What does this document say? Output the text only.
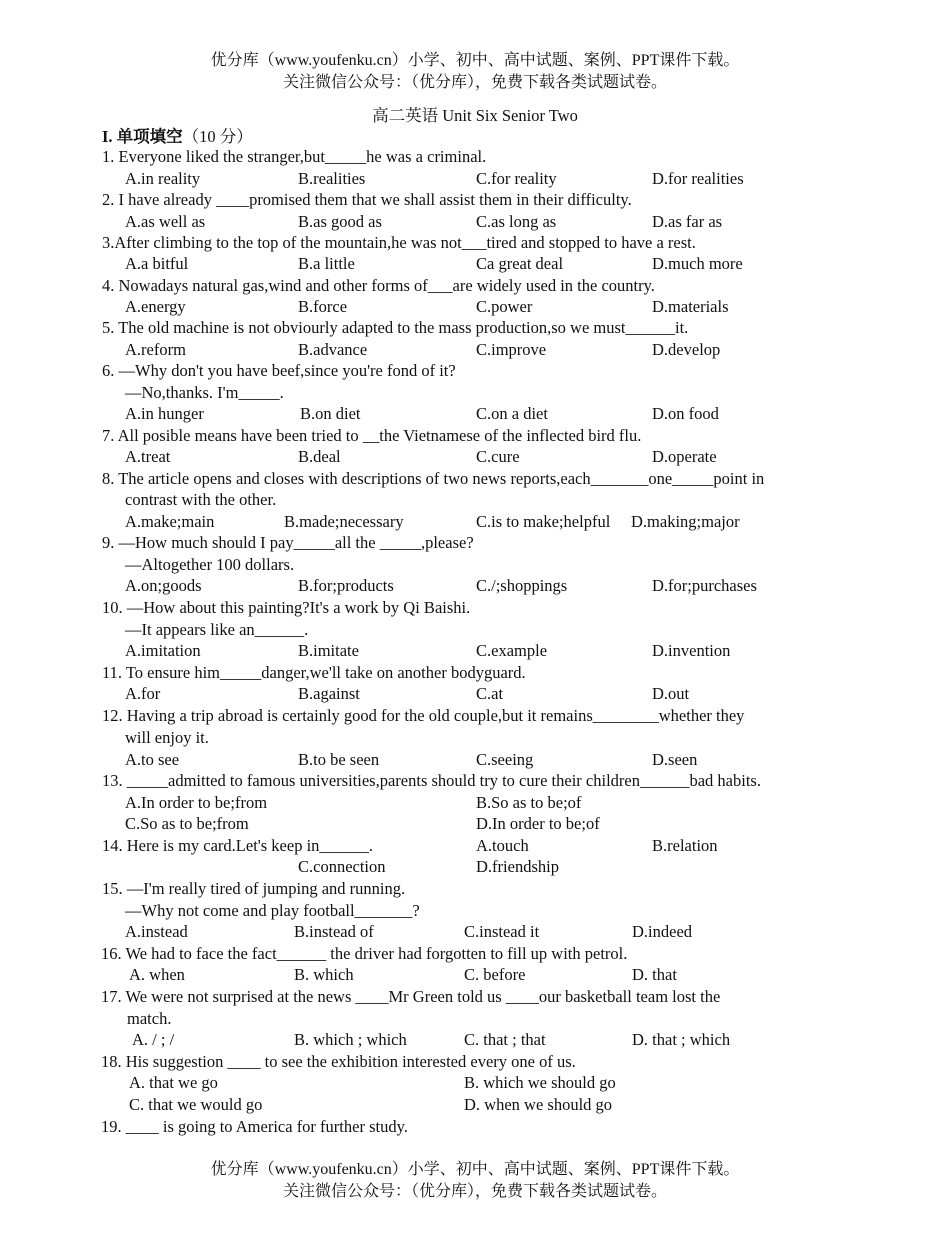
优分库（www.youfenku.cn）小学、初中、高中试题、案例、PPT课件下载。
关注微信公众号：（优分库），免费下载各类试题试卷。
高二英语 Unit Six Senior Two
I. 单项填空（10 分）
1. Everyone liked the stranger,but_____he was a criminal.
A.in reality	B.realities	C.for reality	D.for realities
2. I have already ____promised them that we shall assist them in their difficulty.
A.as well as	B.as good as	C.as long as	D.as far as
3.After climbing to the top of the mountain,he was not___tired and stopped to have a rest.
A.a bitful	B.a little	Ca great deal	D.much more
4. Nowadays natural gas,wind and other forms of___are widely used in the country.
A.energy	B.force	C.power	D.materials
5. The old machine is not obviourly adapted to the mass production,so we must______it.
A.reform	B.advance	C.improve	D.develop
6. —Why don't you have beef,since you're fond of it?
—No,thanks. I'm_____.
A.in hunger	B.on diet	C.on a diet	D.on food
7. All posible means have been tried to __the Vietnamese of the inflected bird flu.
A.treat	B.deal	C.cure	D.operate
8. The article opens and closes with descriptions of two news reports,each_______one_____point in
contrast with the other.
A.make;main	B.made;necessary	C.is to make;helpful D.making;major
9. —How much should I pay_____all the _____,please?
—Altogether 100 dollars.
A.on;goods	B.for;products	C./;shoppings	D.for;purchases
10. —How about this painting?It's a work by Qi Baishi.
—It appears like an______.
A.imitation	B.imitate	C.example	D.invention
11. To ensure him_____danger,we'll take on another bodyguard.
A.for	B.against	C.at	D.out
12. Having a trip abroad is certainly good for the old couple,but it remains________whether they
will enjoy it.
A.to see	B.to be seen	C.seeing	D.seen
13. _____admitted to famous universities,parents should try to cure their children______bad habits.
A.In order to be;from	B.So as to be;of
C.So as to be;from	D.In order to be;of
14. Here is my card.Let's keep in______.	A.touch	B.relation
C.connection	D.friendship
15. —I'm really tired of jumping and running.
—Why not come and play football_______?
A.instead	B.instead of	C.instead it	D.indeed
16. We had to face the fact______ the driver had forgotten to fill up with petrol.
A. when	B. which	C. before	D. that
17. We were not surprised at the news ____Mr Green told us ____our basketball team lost the
match.
A. / ; /	B. which ; which	C. that ; that	D. that ; which
18. His suggestion ____ to see the exhibition interested every one of us.
A. that we go	B. which we should go
C. that we would go	D. when we should go
19. ____ is going to America for further study.
优分库（www.youfenku.cn）小学、初中、高中试题、案例、PPT课件下载。
关注微信公众号：（优分库），免费下载各类试题试卷。
